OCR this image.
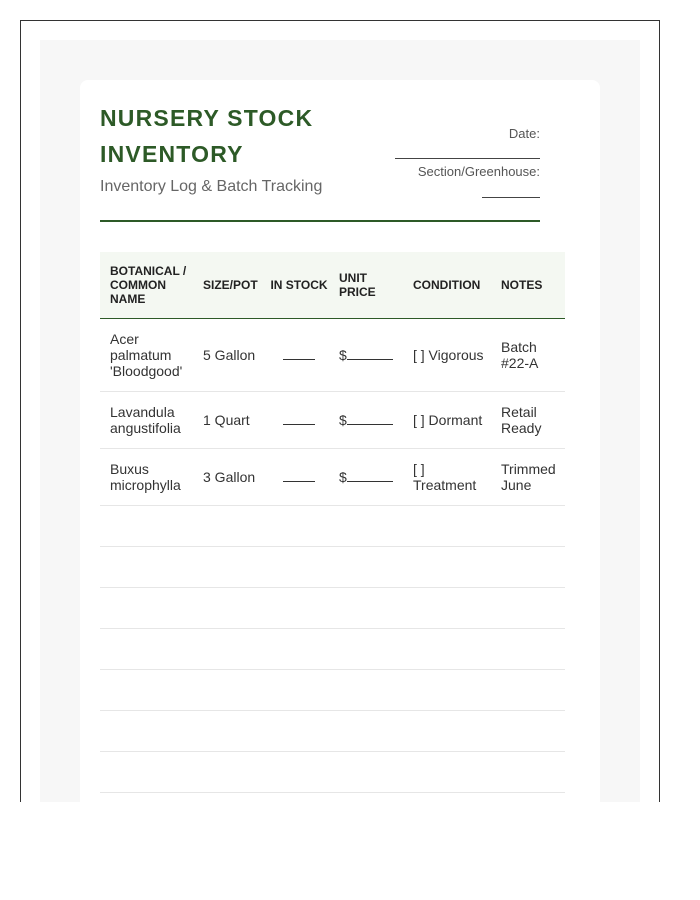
NURSERY STOCK INVENTORY
Inventory Log & Batch Tracking
Date:
Section/Greenhouse:
BOTANICAL / COMMON NAME	SIZE/POT	IN STOCK	UNIT PRICE	CONDITION	NOTES
Acer palmatum 'Bloodgood'	5 Gallon		$	[ ] Vigorous	Batch #22-A
Lavandula angustifolia	1 Quart		$	[ ] Dormant	Retail Ready
Buxus microphylla	3 Gallon		$	[ ] Treatment	Trimmed June
